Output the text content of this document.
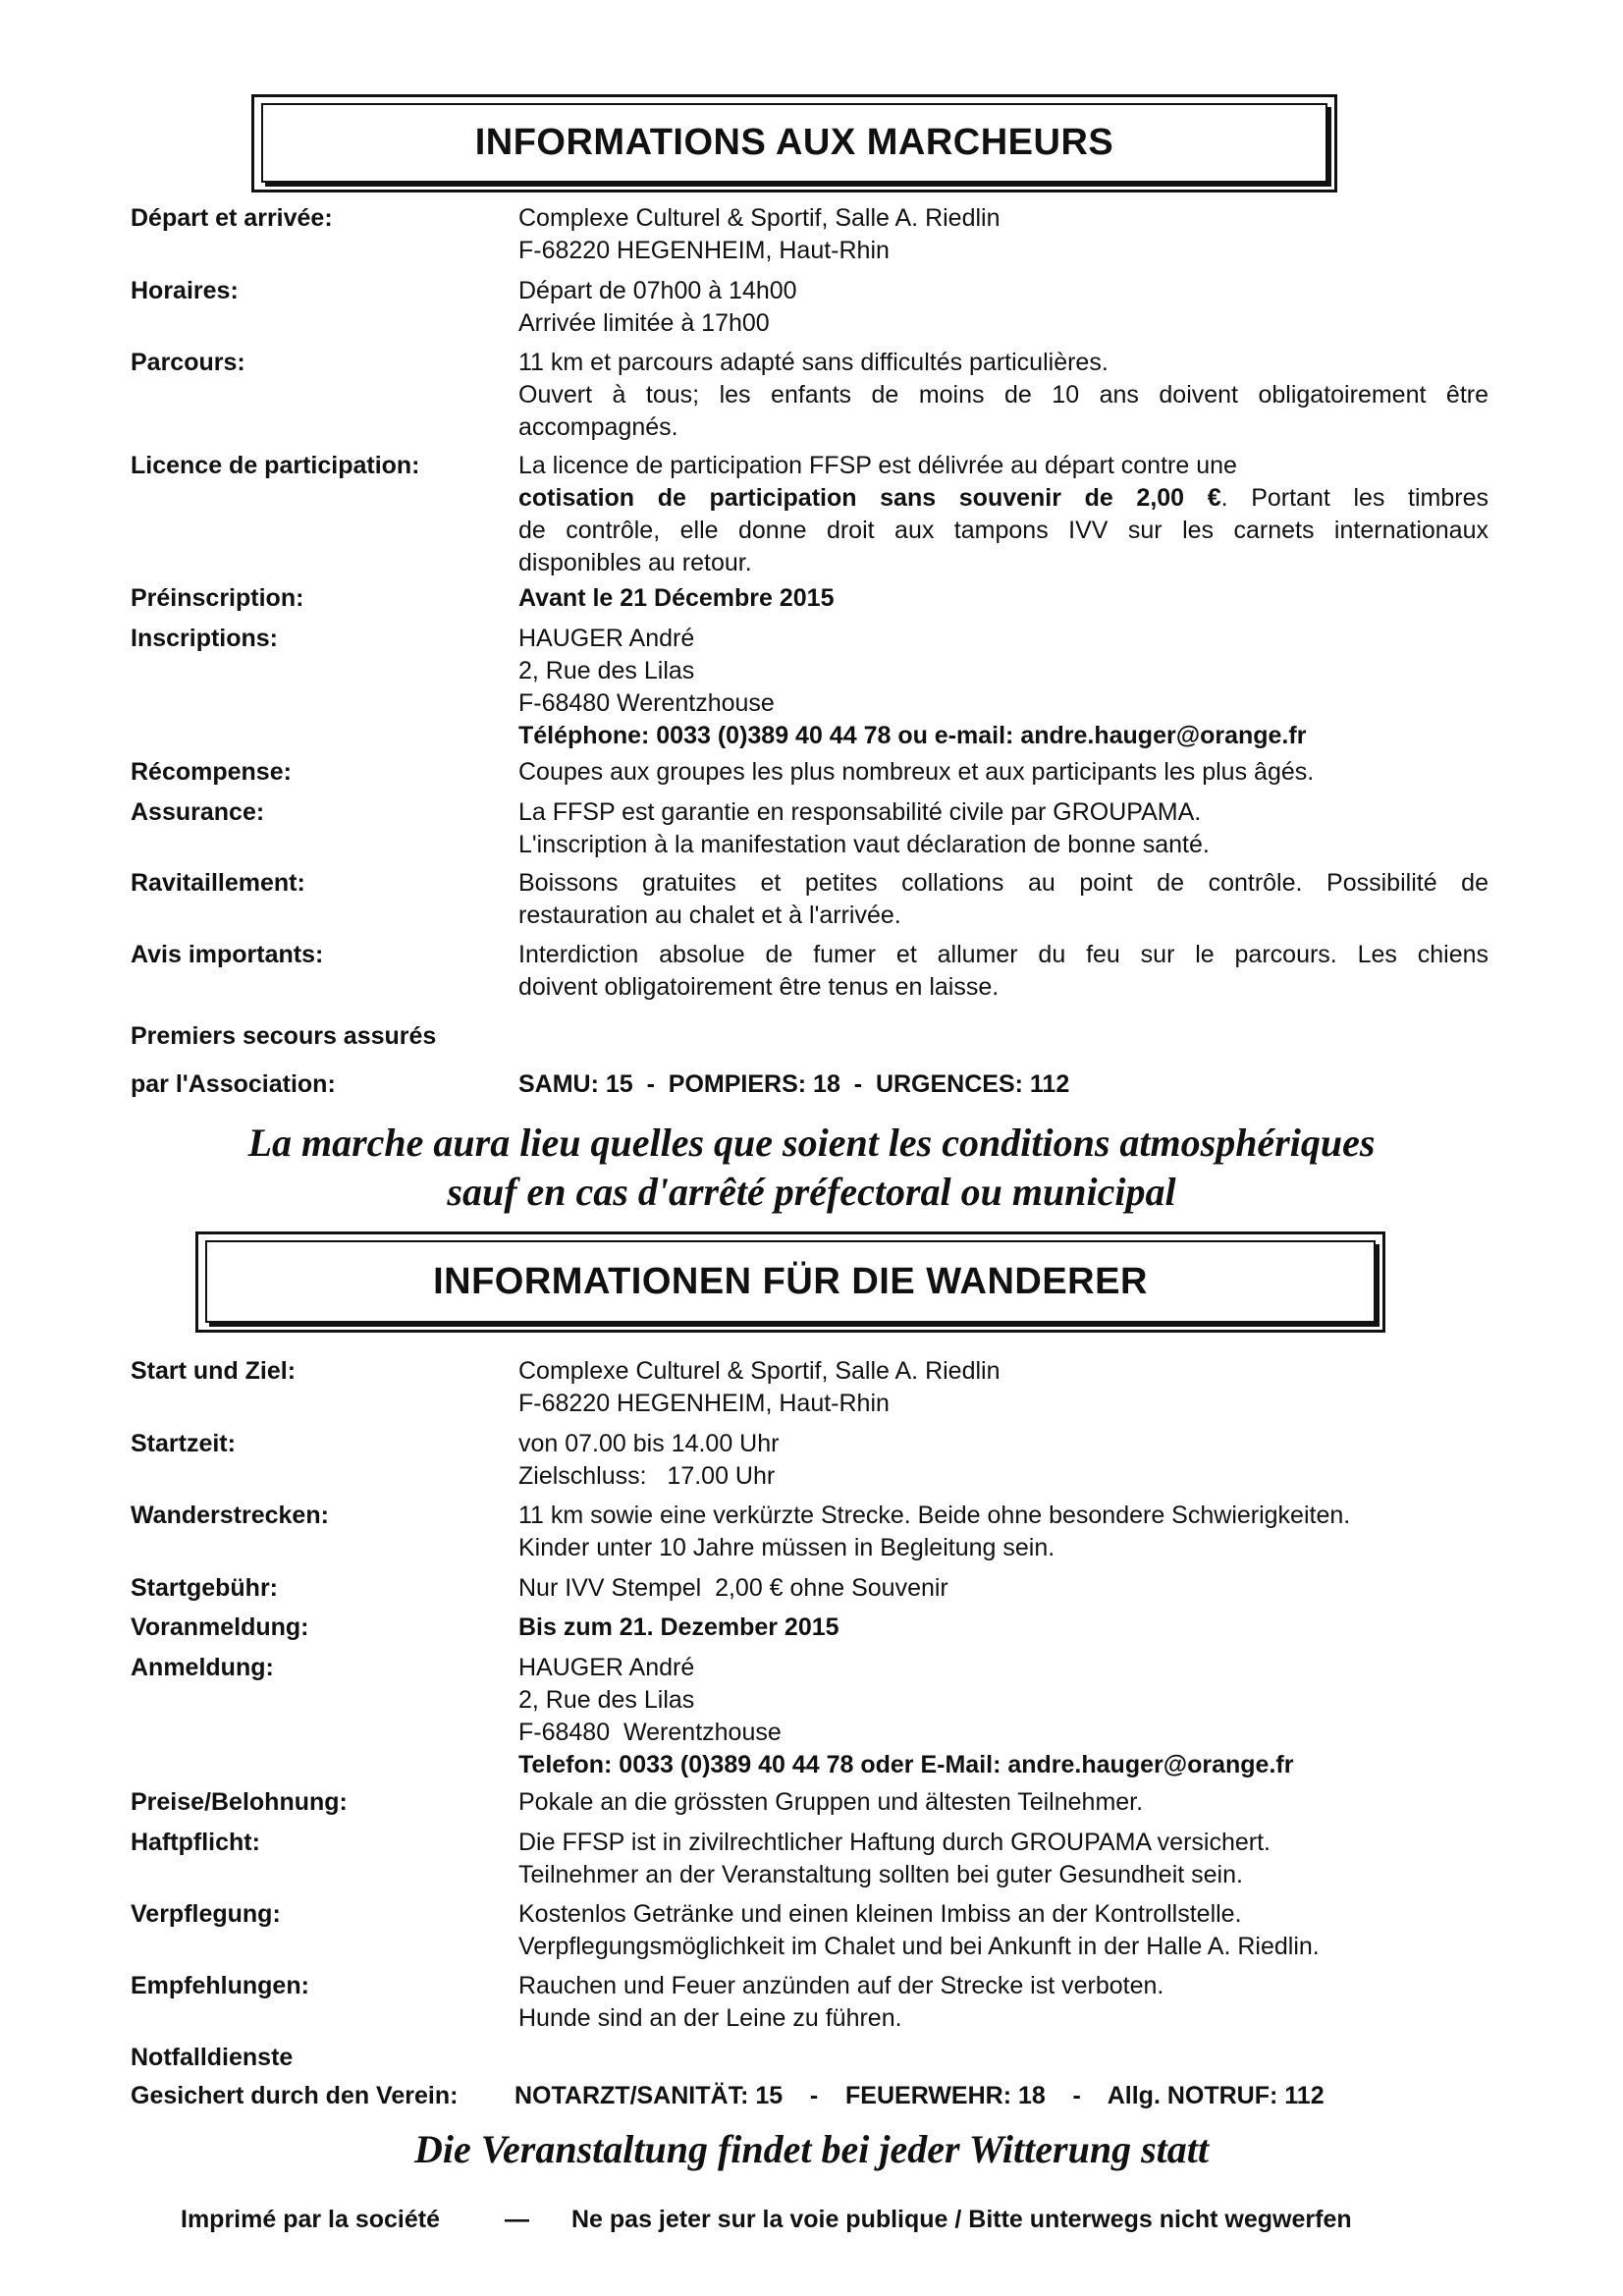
INFORMATIONS AUX MARCHEURS
Départ et arrivée:	Complexe Culturel & Sportif, Salle A. Riedlin
F-68220 HEGENHEIM, Haut-Rhin
Horaires:	Départ de 07h00 à 14h00
Arrivée limitée à 17h00
Parcours:	11 km et parcours adapté sans difficultés particulières.
Ouvert à tous; les enfants de moins de 10 ans doivent obligatoirement être
accompagnés.
Licence de participation:	La licence de participation FFSP est délivrée au départ contre une
cotisation de participation sans souvenir de 2,00 €. Portant les timbres
de contrôle, elle donne droit aux tampons IVV sur les carnets internationaux
disponibles au retour.
Préinscription:	Avant le 21 Décembre 2015
Inscriptions:	HAUGER André
2, Rue des Lilas
F-68480 Werentzhouse
Téléphone: 0033 (0)389 40 44 78 ou e-mail: andre.hauger@orange.fr
Récompense:	Coupes aux groupes les plus nombreux et aux participants les plus âgés.
Assurance:	La FFSP est garantie en responsabilité civile par GROUPAMA.
L'inscription à la manifestation vaut déclaration de bonne santé.
Ravitaillement:	Boissons gratuites et petites collations au point de contrôle. Possibilité de
restauration au chalet et à l'arrivée.
Avis importants:	Interdiction absolue de fumer et allumer du feu sur le parcours. Les chiens
doivent obligatoirement être tenus en laisse.
Premiers secours assurés
par l'Association:	SAMU: 15  -  POMPIERS: 18  -  URGENCES: 112
La marche aura lieu quelles que soient les conditions atmosphériques
sauf en cas d'arrêté préfectoral ou municipal
INFORMATIONEN FÜR DIE WANDERER
Start und Ziel:	Complexe Culturel & Sportif, Salle A. Riedlin
F-68220 HEGENHEIM, Haut-Rhin
Startzeit:	von 07.00 bis 14.00 Uhr
Zielschluss:   17.00 Uhr
Wanderstrecken:	11 km sowie eine verkürzte Strecke. Beide ohne besondere Schwierigkeiten.
Kinder unter 10 Jahre müssen in Begleitung sein.
Startgebühr:	Nur IVV Stempel  2,00 € ohne Souvenir
Voranmeldung:	Bis zum 21. Dezember 2015
Anmeldung:	HAUGER André
2, Rue des Lilas
F-68480  Werentzhouse
Telefon: 0033 (0)389 40 44 78 oder E-Mail: andre.hauger@orange.fr
Preise/Belohnung:	Pokale an die grössten Gruppen und ältesten Teilnehmer.
Haftpflicht:	Die FFSP ist in zivilrechtlicher Haftung durch GROUPAMA versichert.
Teilnehmer an der Veranstaltung sollten bei guter Gesundheit sein.
Verpflegung:	Kostenlos Getränke und einen kleinen Imbiss an der Kontrollstelle.
Verpflegungsmöglichkeit im Chalet und bei Ankunft in der Halle A. Riedlin.
Empfehlungen:	Rauchen und Feuer anzünden auf der Strecke ist verboten.
Hunde sind an der Leine zu führen.
Notfalldienste
Gesichert durch den Verein: NOTARZT/SANITÄT: 15    -    FEUERWEHR: 18    -    Allg. NOTRUF: 112
Die Veranstaltung findet bei jeder Witterung statt
Imprimé par la société	— Ne pas jeter sur la voie publique / Bitte unterwegs nicht wegwerfen
